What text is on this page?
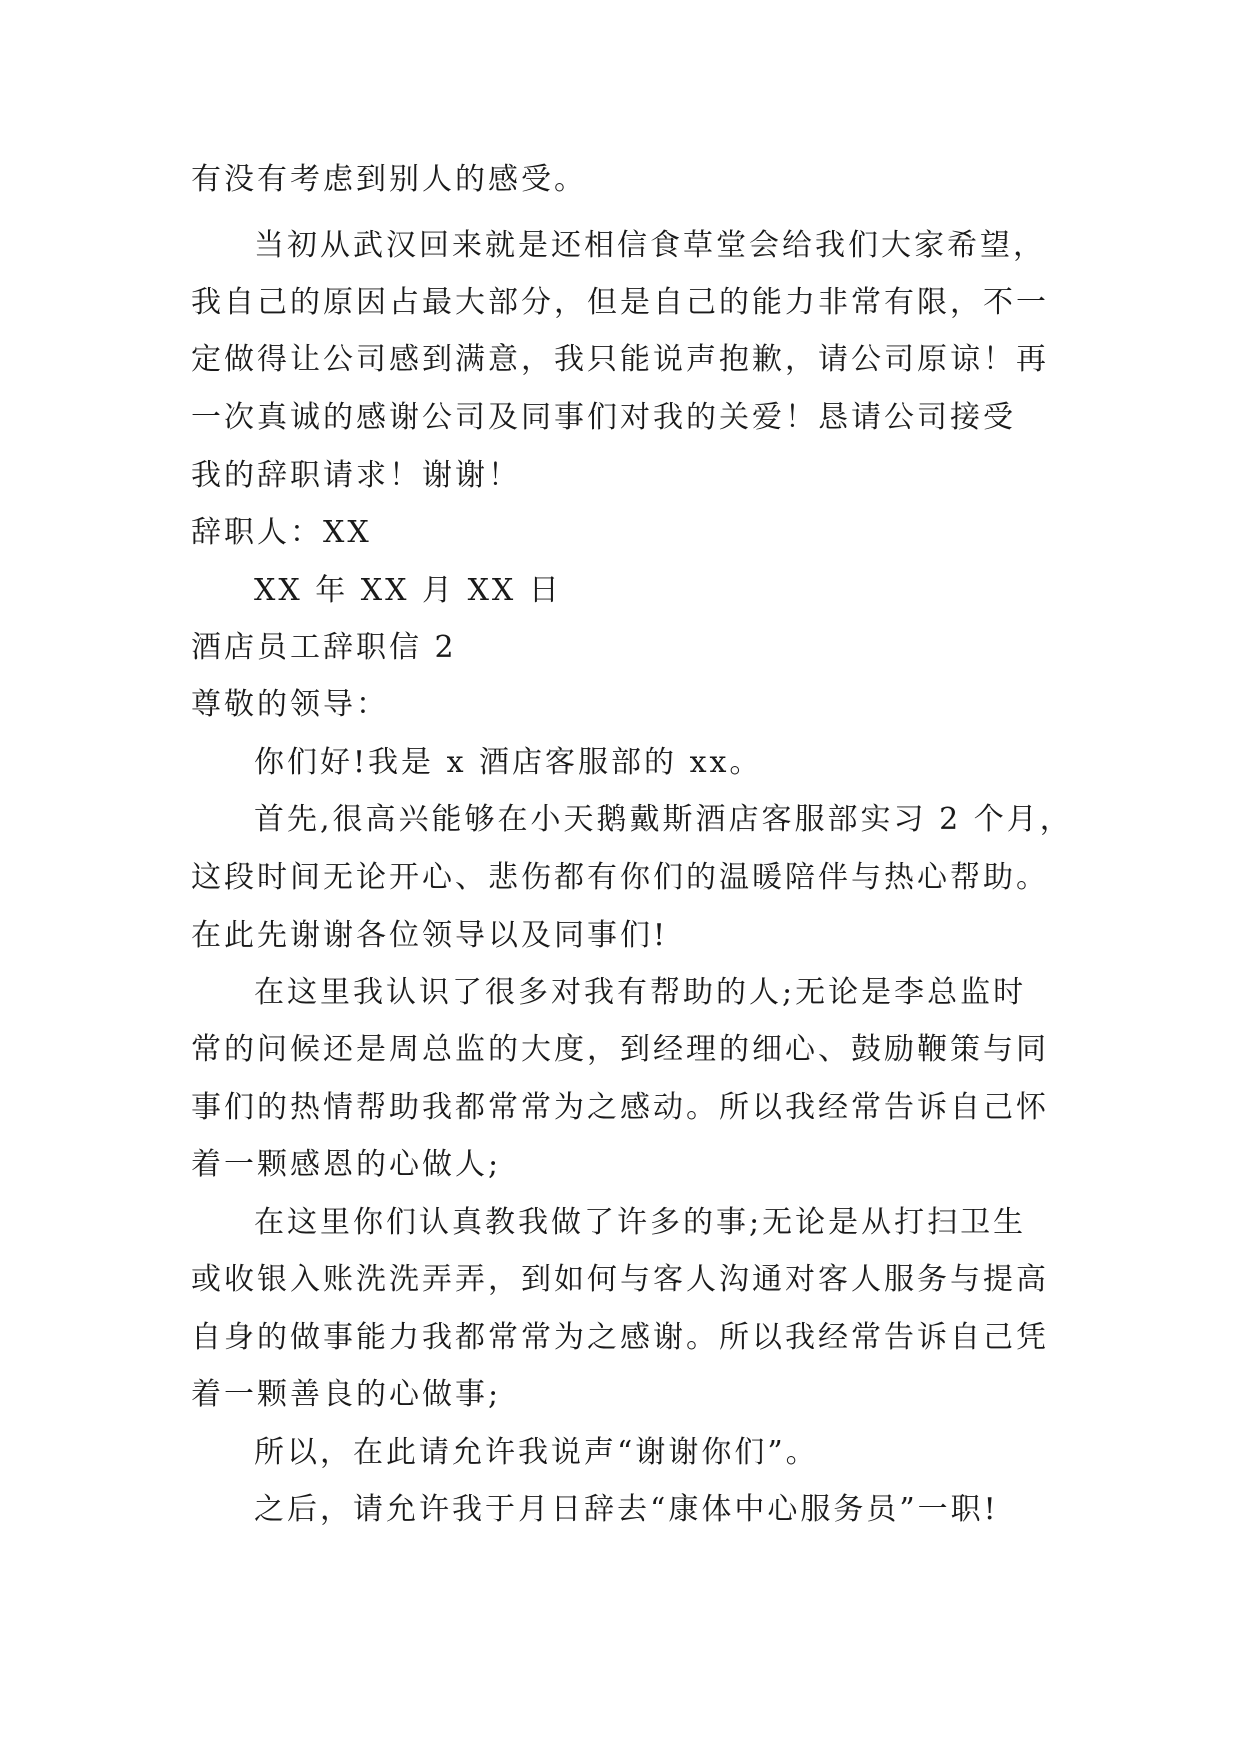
有没有考虑到别人的感受。
当初从武汉回来就是还相信食草堂会给我们大家希望，
我自己的原因占最大部分，但是自己的能力非常有限，不一
定做得让公司感到满意，我只能说声抱歉，请公司原谅！再
一次真诚的感谢公司及同事们对我的关爱！恳请公司接受
我的辞职请求！谢谢！
辞职人：XX
XX 年 XX 月 XX 日
酒店员工辞职信 2
尊敬的领导：
你们好!我是 x 酒店客服部的 xx。
首先,很高兴能够在小天鹅戴斯酒店客服部实习 2 个月，
这段时间无论开心、悲伤都有你们的温暖陪伴与热心帮助。
在此先谢谢各位领导以及同事们!
在这里我认识了很多对我有帮助的人;无论是李总监时
常的问候还是周总监的大度，到经理的细心、鼓励鞭策与同
事们的热情帮助我都常常为之感动。所以我经常告诉自己怀
着一颗感恩的心做人;
在这里你们认真教我做了许多的事;无论是从打扫卫生
或收银入账洗洗弄弄，到如何与客人沟通对客人服务与提高
自身的做事能力我都常常为之感谢。所以我经常告诉自己凭
着一颗善良的心做事;
所以，在此请允许我说声“谢谢你们”。
之后，请允许我于月日辞去“康体中心服务员”一职!
